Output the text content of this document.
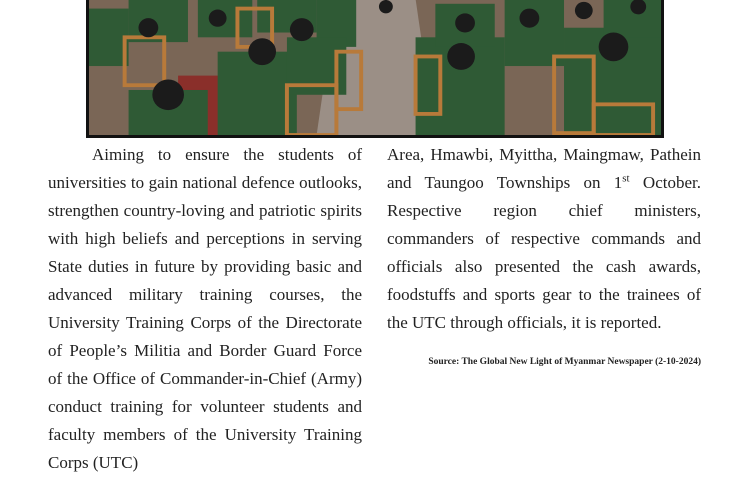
Aiming to ensure the students of universities to gain national defence outlooks, strengthen country-loving and patriotic spirits with high beliefs and perceptions in serving State duties in future by providing basic and advanced military training courses, the University Training Corps of the Directorate of People’s Militia and Border Guard Force of the Office of Commander-in-Chief (Army) conduct training for volunteer students and faculty members of the University Training Corps (UTC)

Area, Hmawbi, Myittha, Maingmaw, Pathein and Taungoo Townships on 1st October. Respective region chief ministers, commanders of respective commands and officials also presented the cash awards, foodstuffs and sports gear to the trainees of the UTC through officials, it is reported.

Source: The Global New Light of Myanmar Newspaper (2-10-2024)
